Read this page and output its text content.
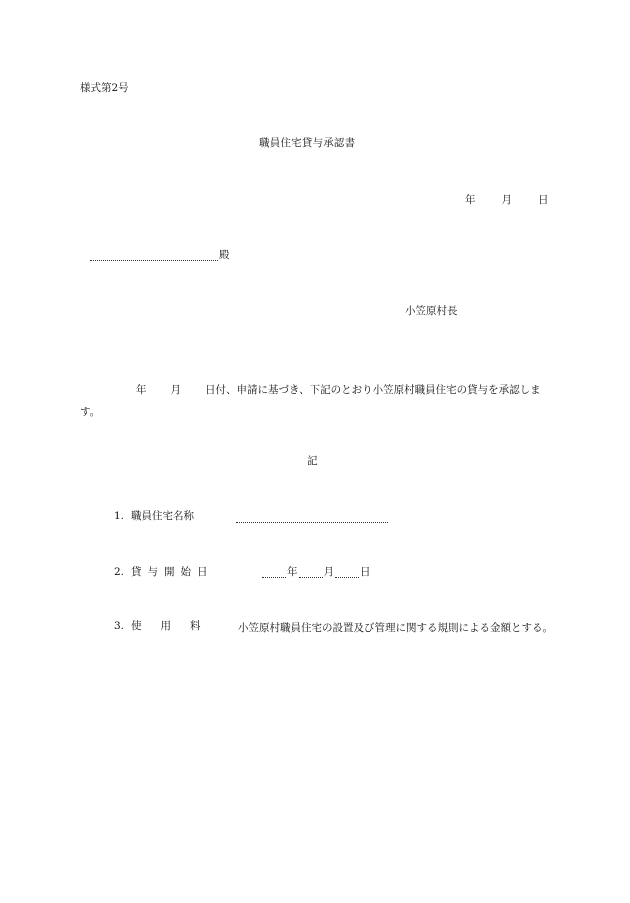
様式第2号
職員住宅貸与承認書
年 月 日
殿
小笠原村長
年 月 日付、申請に基づき、下記のとおり小笠原村職員住宅の貸与を承認します。
記
1. 職員住宅名称
2. 貸 与 開 始 日	年 月 日
3. 使 用 料	小笠原村職員住宅の設置及び管理に関する規則による金額とする。
